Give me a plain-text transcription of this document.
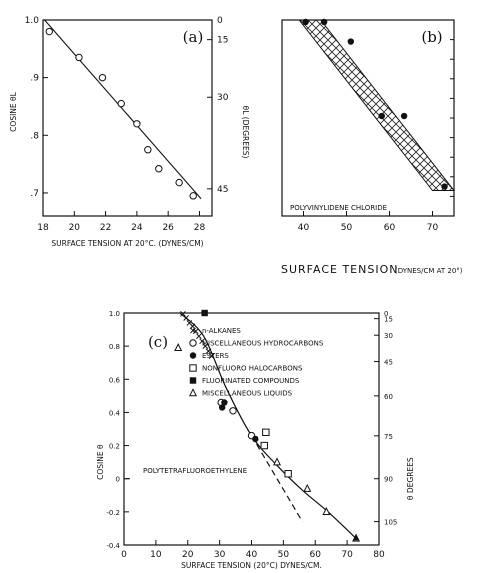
18 20 22 24 26 28
.7
.8
.9
1.0	0
15
30
45
(a)
SURFACE TENSION AT 20°C. (DYNES/CM)
COSINE θL	θL (DEGREES)
40	50	60	70
(b)
POLYVINYLIDENE CHLORIDE
SURFACE TENSION
(DYNES/CM AT 20°)
0	10 20 30 40 50 60 70 80
-0.4
-0.2
0
0.2
0.4
0.6
0.8
1.0	0
15
30
45
60
75
90
105
n-ALKANES
MISCELLANEOUS HYDROCARBONS
ESTERS
NONFLUORO HALOCARBONS
FLUORINATED COMPOUNDS
MISCELLANEOUS LIQUIDS
(c)
POLYTETRAFLUOROETHYLENE
SURFACE TENSION (20°C) DYNES/CM.
COSINE θ	θ DEGREES
